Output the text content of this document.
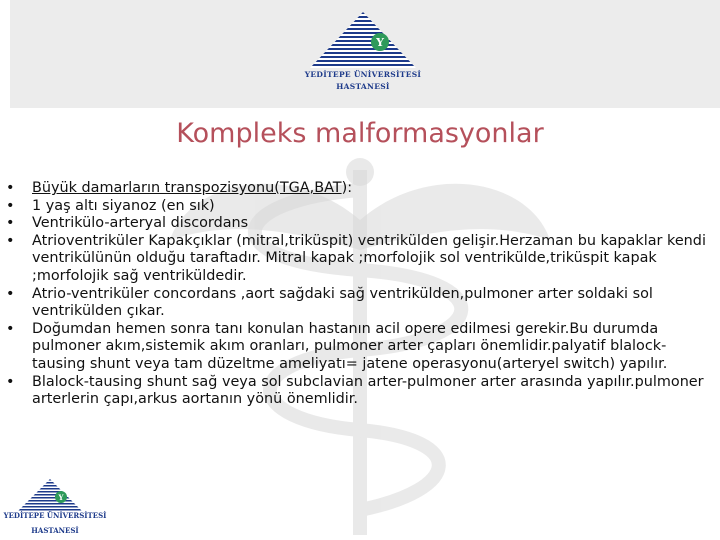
Y
YEDİTEPE ÜNİVERSİTESİ
HASTANESİ
Kompleks malformasyonlar
• Büyük damarların transpozisyonu(TGA,BAT):
• 1 yaş altı siyanoz (en sık)
• Ventrikülo-arteryal discordans
• Atrioventriküler Kapakçıklar (mitral,triküspit) ventrikülden gelişir.Herzaman bu kapaklar kendi ventrikülünün olduğu taraftadır. Mitral kapak ;morfolojik sol ventrikülde,triküspit kapak ;morfolojik sağ ventriküldedir.
• Atrio-ventriküler concordans ,aort sağdaki sağ ventrikülden,pulmoner arter soldaki sol ventrikülden çıkar.
• Doğumdan hemen sonra tanı konulan hastanın acil opere edilmesi gerekir.Bu durumda pulmoner akım,sistemik akım oranları, pulmoner arter çapları önemlidir.palyatif blalock-tausing shunt veya tam düzeltme ameliyatı= jatene operasyonu(arteryel switch) yapılır.
• Blalock-tausing shunt sağ veya sol subclavian arter-pulmoner arter arasında yapılır.pulmoner arterlerin çapı,arkus aortanın yönü önemlidir.
Y
YEDİTEPE ÜNİVERSİTESİ
HASTANESİ
